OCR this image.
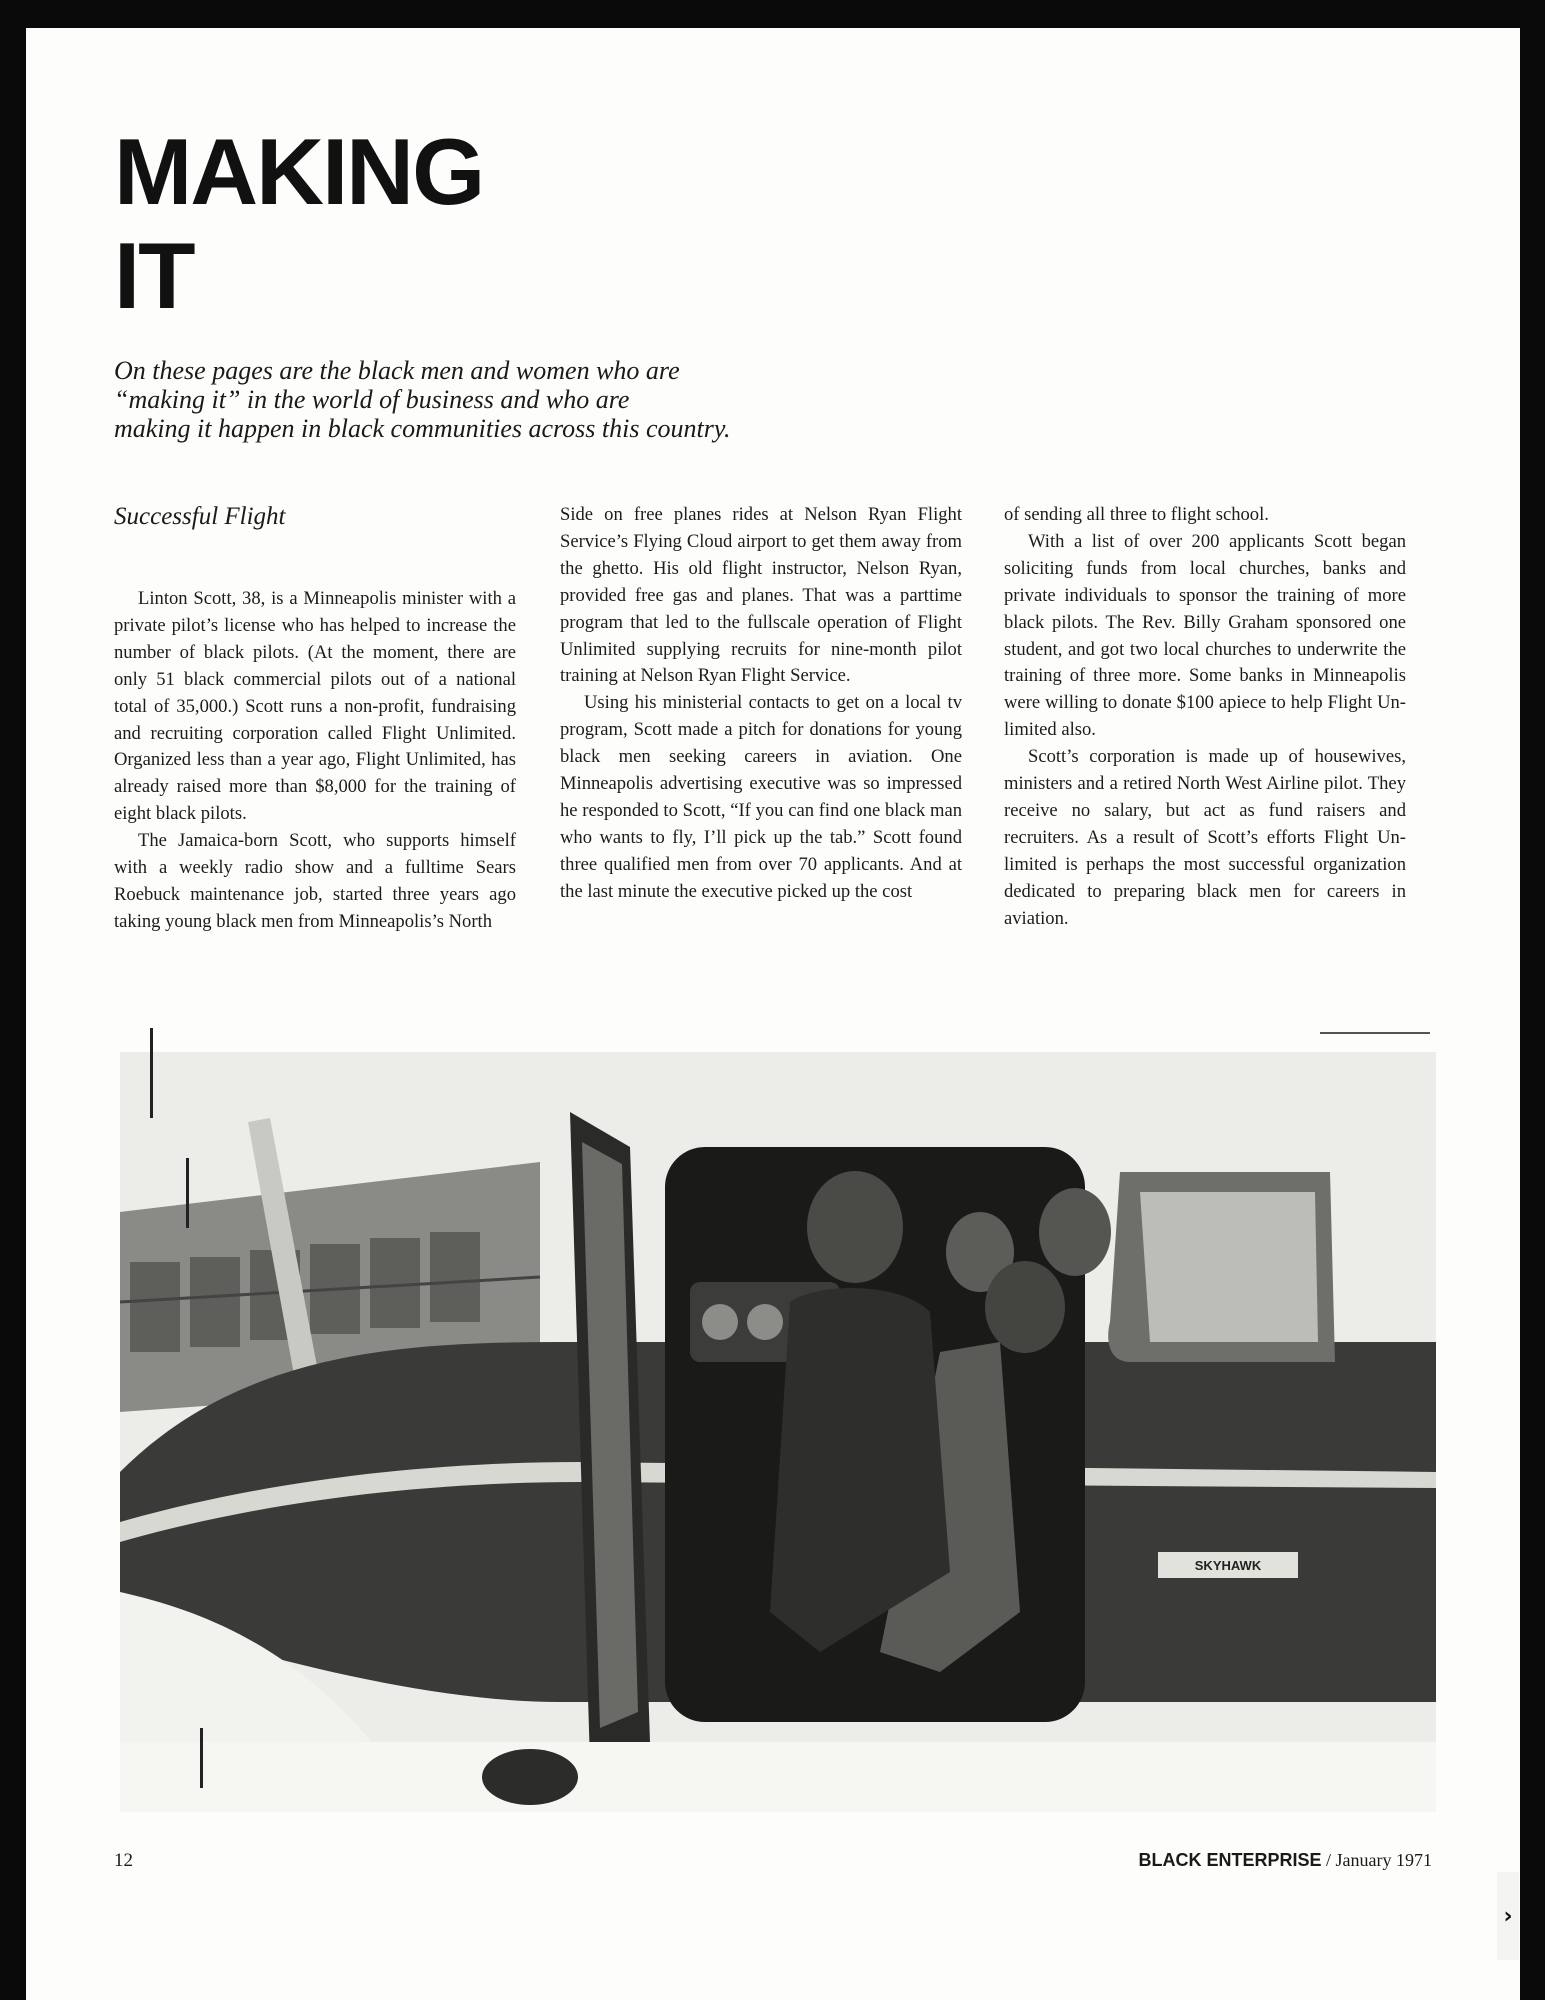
MAKING
IT
On these pages are the black men and women who are
“making it” in the world of business and who are
making it happen in black communities across this country.
Successful Flight

Linton Scott, 38, is a Minneapolis minister with a private pilot’s license who has helped to increase the number of black pilots. (At the moment, there are only 51 black commercial pilots out of a national total of 35,000.) Scott runs a non-profit, fundraising and recruiting corporation called Flight Unlimited. Organized less than a year ago, Flight Unlimited, has already raised more than $8,000 for the training of eight black pilots.

The Jamaica-born Scott, who supports himself with a weekly radio show and a fulltime Sears Roebuck maintenance job, started three years ago taking young black men from Minneapolis’s North

Side on free planes rides at Nelson Ryan Flight Service’s Flying Cloud airport to get them away from the ghetto. His old flight instructor, Nelson Ryan, provided free gas and planes. That was a parttime program that led to the fullscale operation of Flight Unlimited supplying recruits for nine-month pilot training at Nelson Ryan Flight Service.

Using his ministerial contacts to get on a local tv program, Scott made a pitch for donations for young black men seeking careers in aviation. One Minneapolis advertising executive was so impressed he responded to Scott, “If you can find one black man who wants to fly, I’ll pick up the tab.” Scott found three qualified men from over 70 applicants. And at the last minute the executive picked up the cost

of sending all three to flight school.

With a list of over 200 applicants Scott began soliciting funds from local churches, banks and private individuals to sponsor the training of more black pilots. The Rev. Billy Graham sponsored one student, and got two local churches to underwrite the training of three more. Some banks in Minneapolis were willing to donate $100 apiece to help Flight Unlimited also.

Scott’s corporation is made up of housewives, ministers and a retired North West Airline pilot. They receive no salary, but act as fund raisers and recruiters. As a result of Scott’s efforts Flight Unlimited is perhaps the most successful organization dedicated to preparing black men for careers in aviation.

SKYHAWK
12	BLACK ENTERPRISE / January 1971
›
